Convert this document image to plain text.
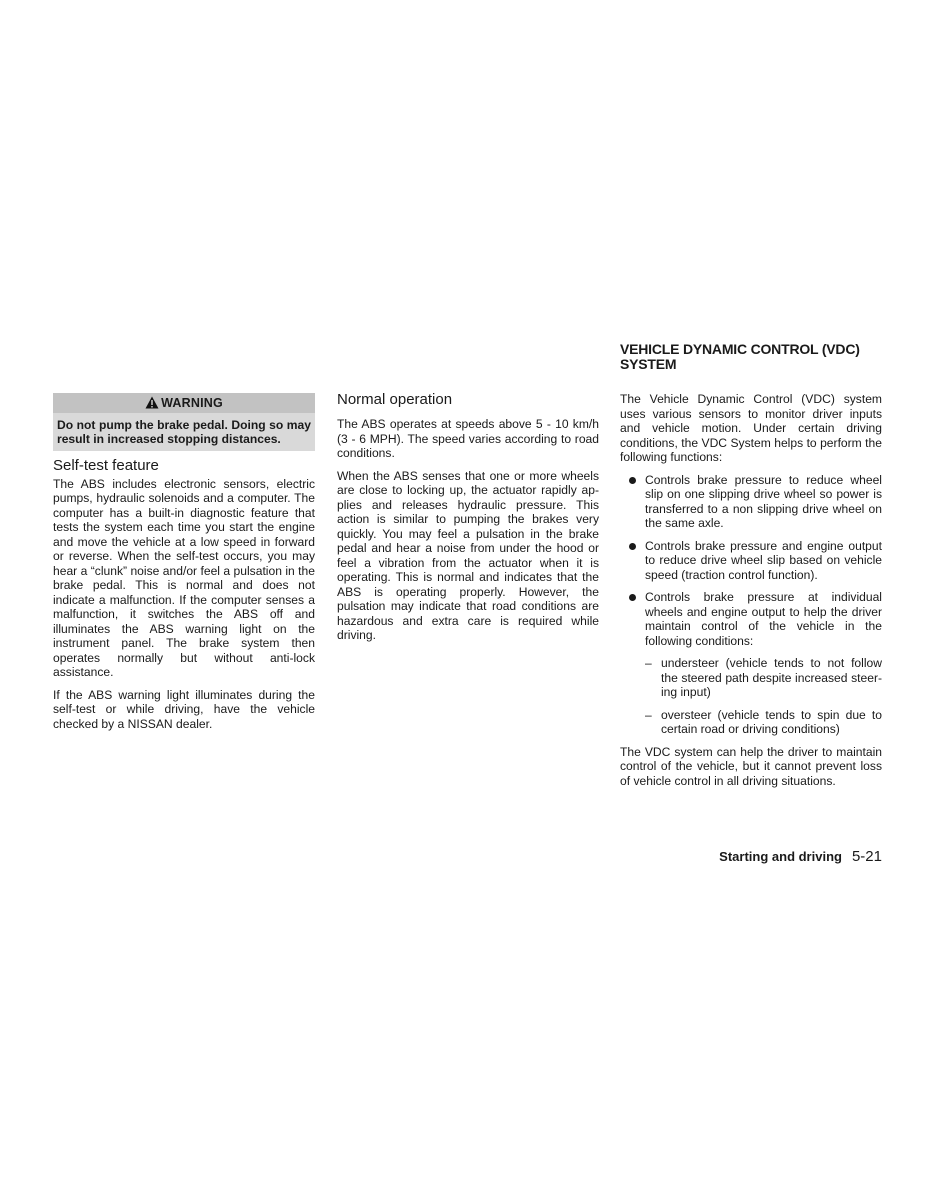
WARNING
Do not pump the brake pedal. Doing so may result in increased stopping distances.
Self-test feature

The ABS includes electronic sensors, electric pumps, hydraulic solenoids and a computer. The computer has a built-in diagnostic feature that tests the system each time you start the engine and move the vehicle at a low speed in forward or reverse. When the self-test occurs, you may hear a “clunk” noise and/or feel a pulsation in the brake pedal. This is normal and does not indicate a malfunction. If the computer senses a malfunction, it switches the ABS off and illuminates the ABS warning light on the instrument panel. The brake system then operates normally but without anti-lock assistance.

If the ABS warning light illuminates during the self-test or while driving, have the vehicle checked by a NISSAN dealer.

Normal operation

The ABS operates at speeds above 5 - 10 km/h (3 - 6 MPH). The speed varies according to road conditions.

When the ABS senses that one or more wheels are close to locking up, the actuator rapidly applies and releases hydraulic pressure. This action is similar to pumping the brakes very quickly. You may feel a pulsation in the brake pedal and hear a noise from under the hood or feel a vibration from the actuator when it is operating. This is normal and indicates that the ABS is operating properly. However, the pulsation may indicate that road conditions are hazardous and extra care is required while driving.

VEHICLE DYNAMIC CONTROL (VDC) SYSTEM

The Vehicle Dynamic Control (VDC) system uses various sensors to monitor driver inputs and vehicle motion. Under certain driving conditions, the VDC System helps to perform the following functions:

Controls brake pressure to reduce wheel slip on one slipping drive wheel so power is transferred to a non slipping drive wheel on the same axle.
Controls brake pressure and engine output to reduce drive wheel slip based on vehicle speed (traction control function).
Controls brake pressure at individual wheels and engine output to help the driver maintain control of the vehicle in the following conditions:
– understeer (vehicle tends to not follow the steered path despite increased steering input)
– oversteer (vehicle tends to spin due to certain road or driving conditions)

The VDC system can help the driver to maintain control of the vehicle, but it cannot prevent loss of vehicle control in all driving situations.

Starting and driving 5-21
